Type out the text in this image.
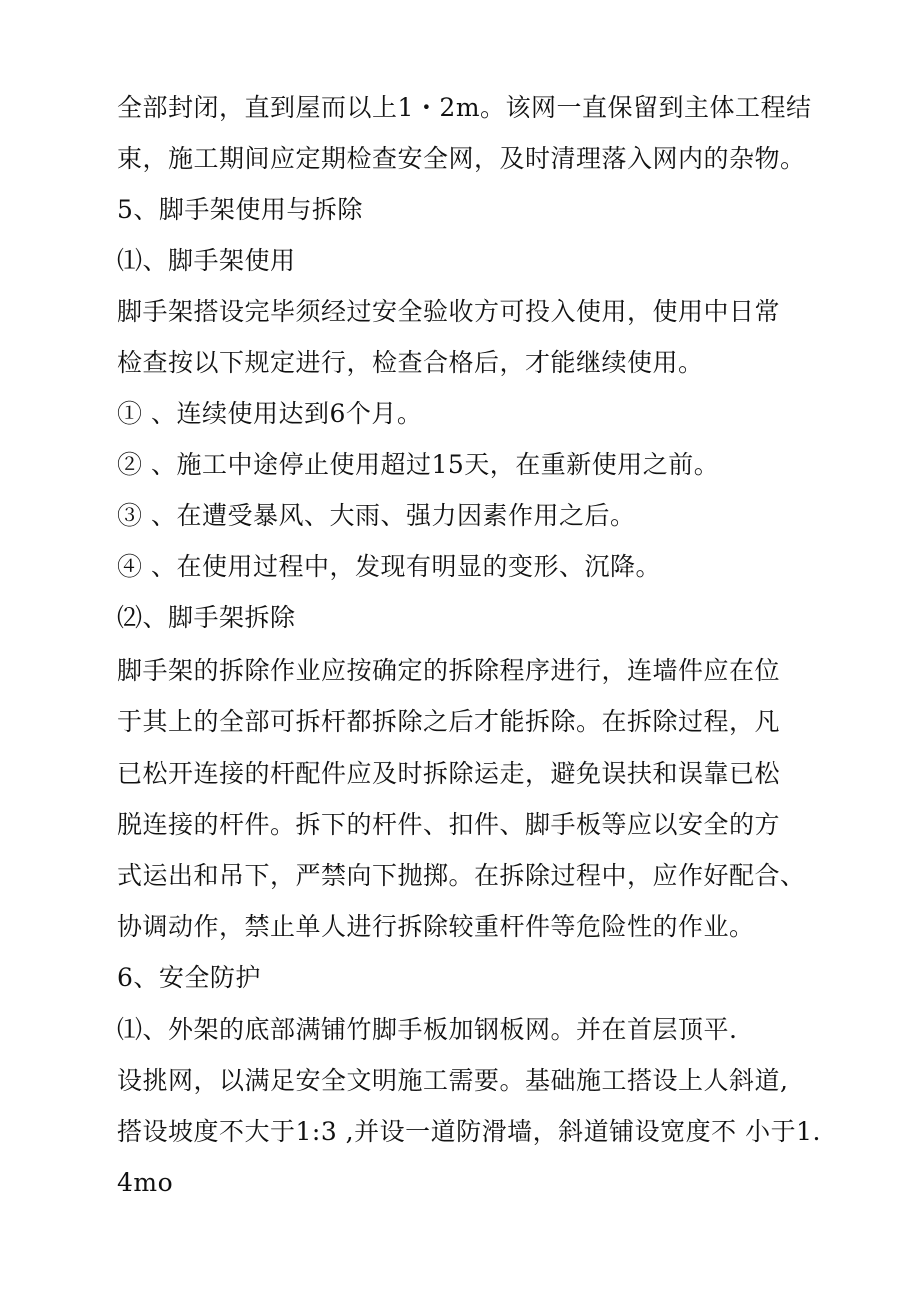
全部封闭，直到屋而以上1・2m。该网一直保留到主体工程结
束，施工期间应定期检查安全网，及时清理落入网内的杂物。
5、脚手架使用与拆除
⑴、脚手架使用
脚手架搭设完毕须经过安全验收方可投入使用，使用中日常
检查按以下规定进行，检查合格后，才能继续使用。
① 、连续使用达到6个月。
② 、施工中途停止使用超过15天，在重新使用之前。
③ 、在遭受暴风、大雨、强力因素作用之后。
④ 、在使用过程中，发现有明显的变形、沉降。
⑵、脚手架拆除
脚手架的拆除作业应按确定的拆除程序进行，连墙件应在位
于其上的全部可拆杆都拆除之后才能拆除。在拆除过程，凡
已松开连接的杆配件应及时拆除运走，避免误扶和误靠已松
脱连接的杆件。拆下的杆件、扣件、脚手板等应以安全的方
式运出和吊下，严禁向下抛掷。在拆除过程中，应作好配合、
协调动作，禁止单人进行拆除较重杆件等危险性的作业。
6、安全防护
⑴、外架的底部满铺竹脚手板加钢板网。并在首层顶平.
设挑网，以满足安全文明施工需要。基础施工搭设上人斜道,
搭设坡度不大于1:3 ,并设一道防滑墙，斜道铺设宽度不 小于1.
4mo
